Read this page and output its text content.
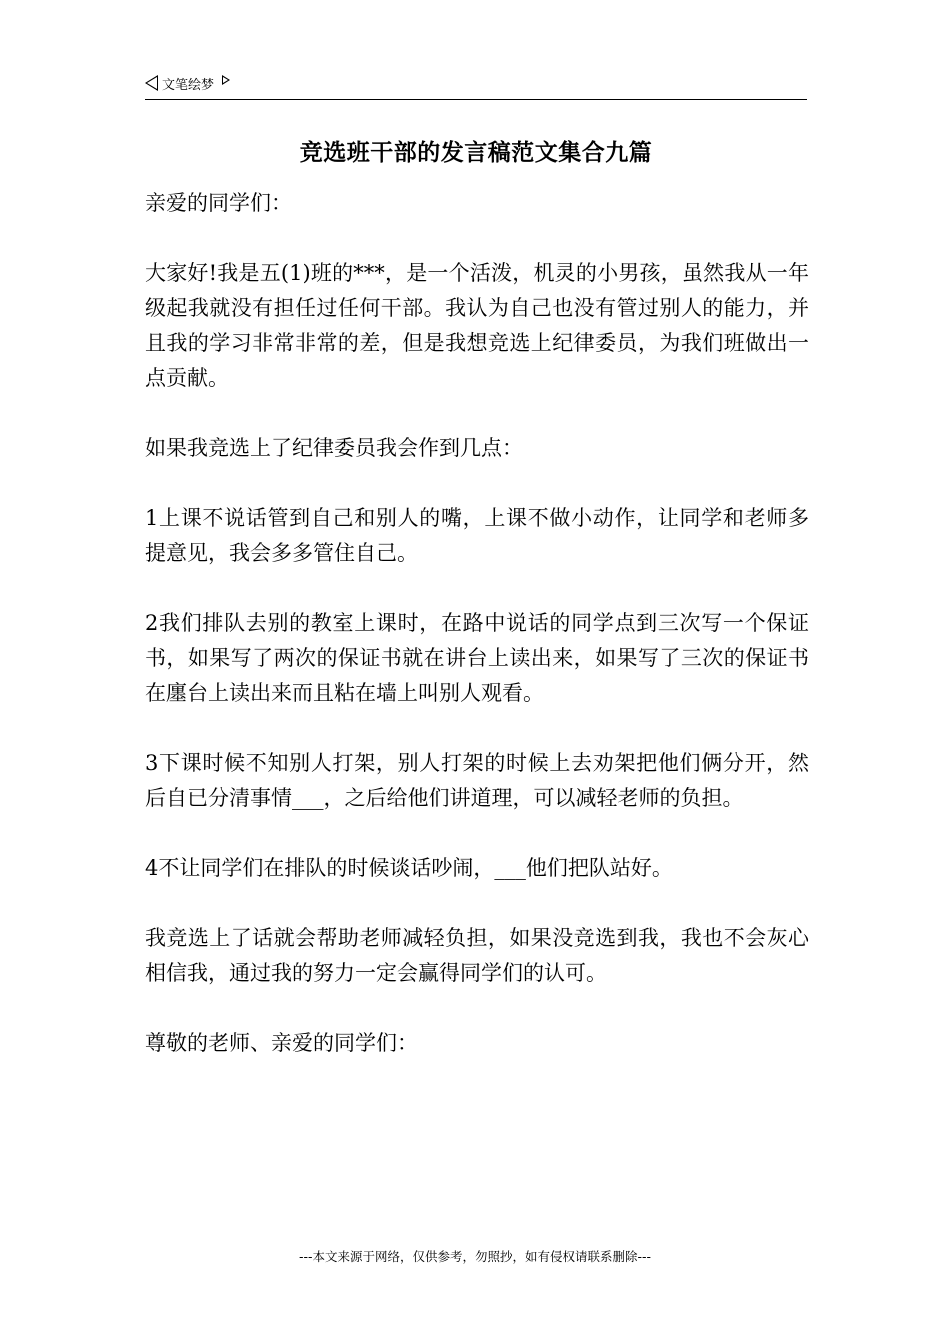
文笔绘梦
竞选班干部的发言稿范文集合九篇

亲爱的同学们：

大家好!我是五(1)班的***，是一个活泼，机灵的小男孩，虽然我从一年级起我就没有担任过任何干部。我认为自己也没有管过别人的能力，并且我的学习非常非常的差，但是我想竞选上纪律委员，为我们班做出一点贡献。

如果我竞选上了纪律委员我会作到几点：

1上课不说话管到自己和别人的嘴，上课不做小动作，让同学和老师多提意见，我会多多管住自己。

2我们排队去别的教室上课时，在路中说话的同学点到三次写一个保证书，如果写了两次的保证书就在讲台上读出来，如果写了三次的保证书在廛台上读出来而且粘在墙上叫别人观看。

3下课时候不知别人打架，别人打架的时候上去劝架把他们俩分开，然后自已分清事情___，之后给他们讲道理，可以减轻老师的负担。

4不让同学们在排队的时候谈话吵闹，___他们把队站好。

我竞选上了话就会帮助老师减轻负担，如果没竞选到我，我也不会灰心相信我，通过我的努力一定会赢得同学们的认可。

尊敬的老师、亲爱的同学们：

---本文来源于网络，仅供参考，勿照抄，如有侵权请联系删除---
